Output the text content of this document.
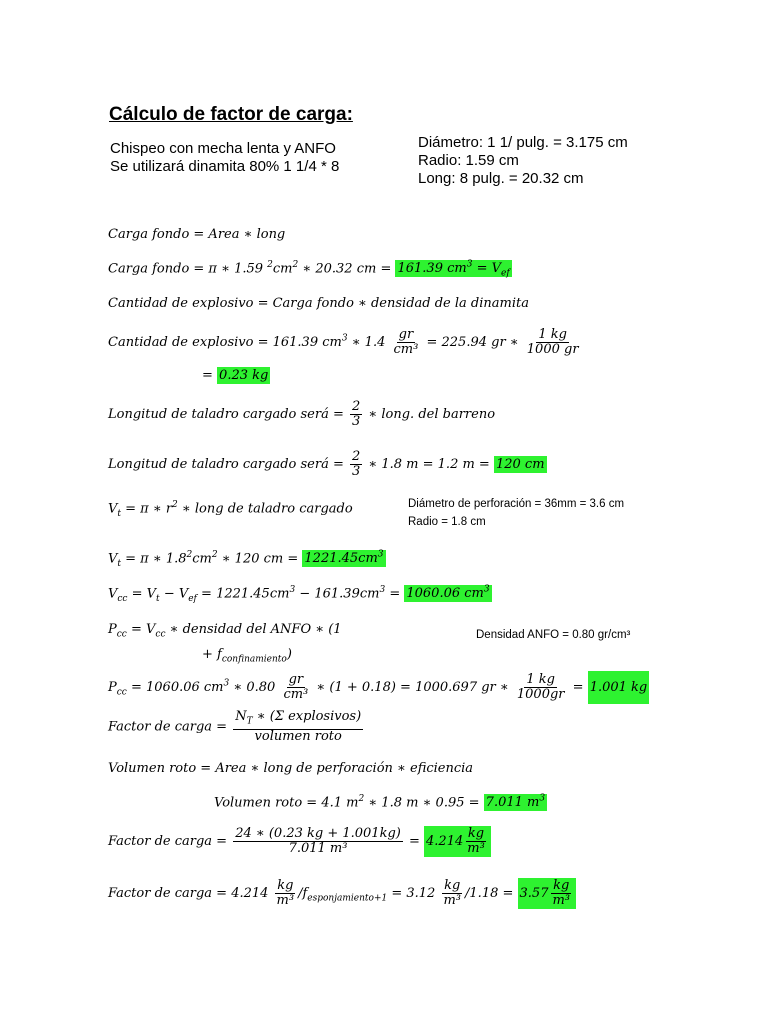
Cálculo de factor de carga:
Chispeo con mecha lenta y ANFO
Se utilizará dinamita 80% 1 1/4 * 8
Diámetro: 1 1/ pulg. = 3.175 cm
Radio: 1.59 cm
Long: 8 pulg. = 20.32 cm
Carga fondo = Area ∗ long
Carga fondo = π ∗ 1.59 $^2cm^2$ ∗ 20.32 cm = 161.39 $cm^3 = V_{ef}$
Cantidad de explosivo = Carga fondo ∗ densidad de la dinamita
Cantidad de explosivo = 161.39 $cm^3$ ∗ $1.4 \frac{gr}{\text{cm³}} = 225.94$ gr ∗ $\frac{1 kg}{1000 gr}$
= 0.23 kg
Longitud de taladro cargado será = $\frac{2}{3}$ ∗ long. del barreno
Longitud de taladro cargado será = $\frac{2}{3}$ ∗ 1.8 m = 1.2 m = 120 cm
$V_t = \pi$ ∗ $r^2$ ∗ long de taladro cargado	Diámetro de perforación = 36mm = 3.6 cm
Radio = 1.8 cm
$V_t = \pi$ ∗ $1.8^2cm^2$ ∗ 120 cm = $1221.45cm^3$
$V_{cc} = V_t - V_{ef} = 1221.45cm^3 - 161.39cm^3 = 1060.06$ $cm^3$
$P_{cc} = V_{cc}$ ∗ densidad del ANFO ∗ (1
+ $f_{confinamiento}$)
Densidad ANFO = 0.80 gr/cm³
$P_{cc} = 1060.06$ $cm^3$ ∗ $0.80 \frac{gr}{\text{cm³}}$ ∗ (1 + 0.18) = 1000.697 gr ∗ $\frac{1 kg}{1000gr} = 1.001$ kg
Factor de carga = $\frac{N_T ∗ (\Sigma explosivos)}{\text{volumen roto}}$
Volumen roto = Area ∗ long de perforación ∗ eficiencia
Volumen roto = 4.1 $m^2$ ∗ 1.8 m ∗ 0.95 = 7.011 $m^3$
Factor de carga = $\frac{24 ∗ (0.23 kg + 1.001kg)}{\text{7.011 m³}} = 4.214 \frac{kg}{\text{m³}}$
Factor de carga = $4.214 \frac{kg}{\text{m³}} /f_{esponjamiento+1} = 3.12 \frac{kg}{\text{m³}} /1.18 = 3.57 \frac{kg}{\text{m³}}$
